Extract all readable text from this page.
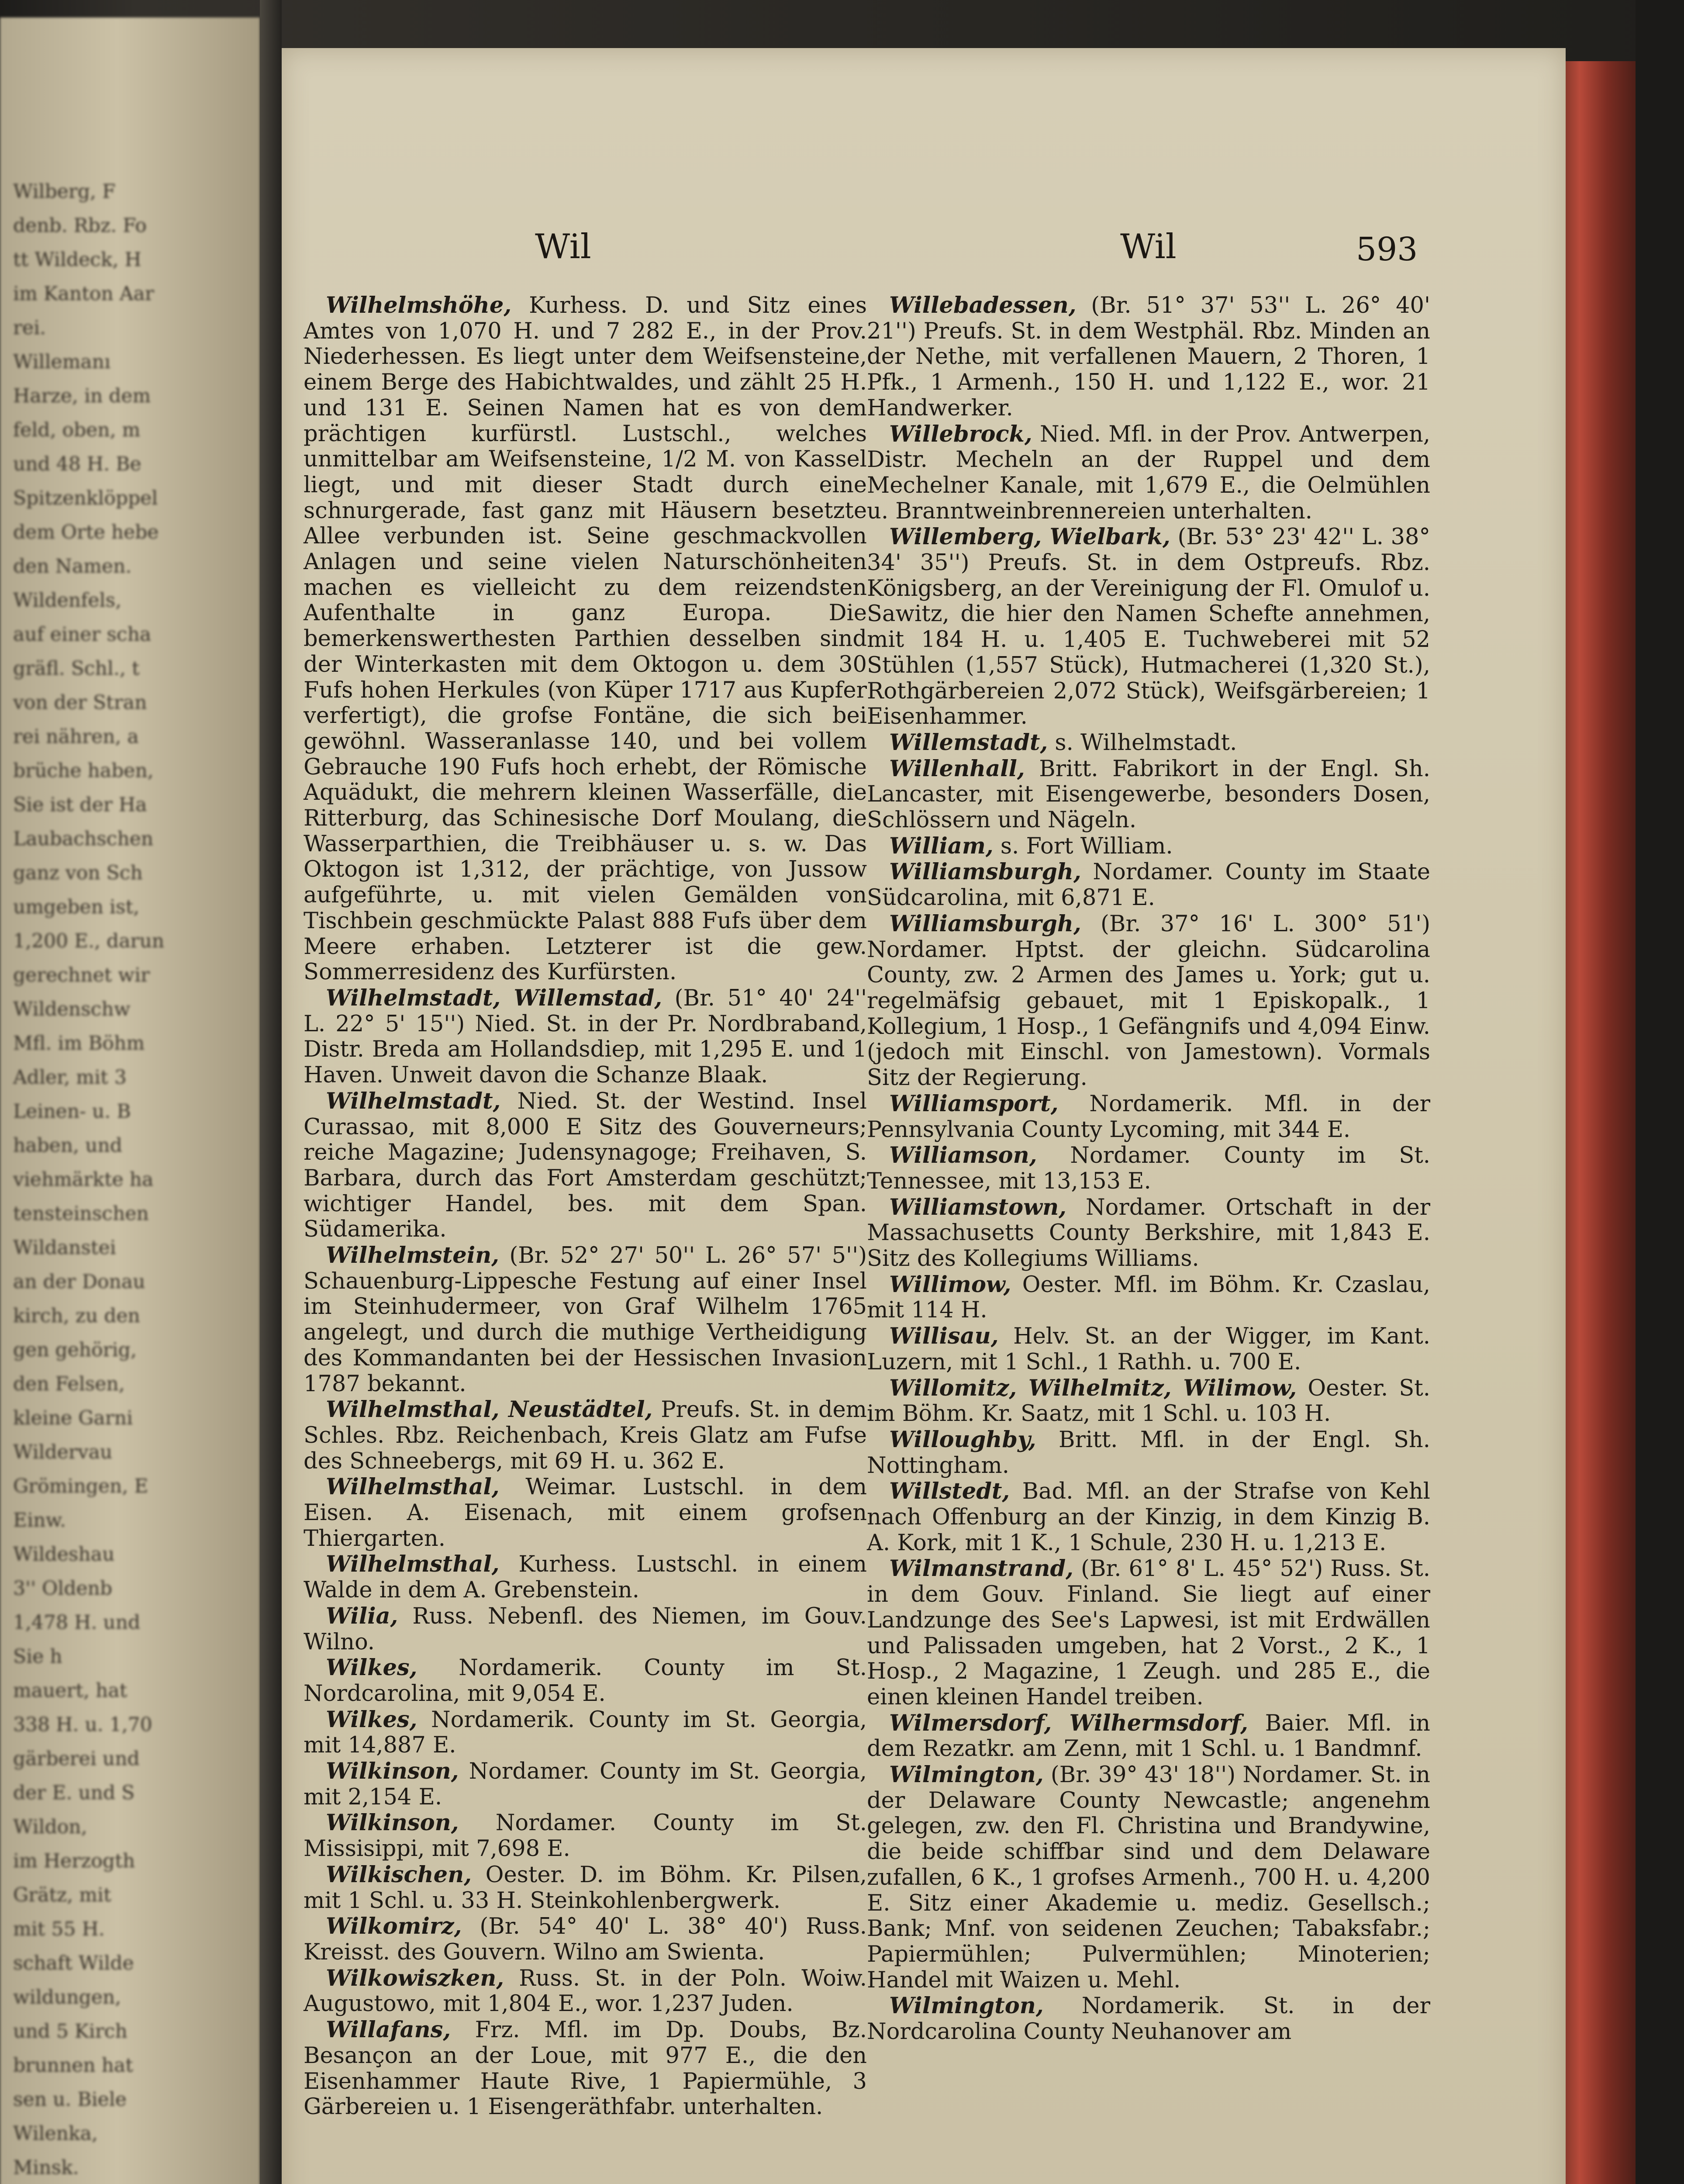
Wilberg, F
denb. Rbz. Fo
tt Wildeck, H
im Kanton Aar
rei.
Willemanı
Harze, in dem
feld, oben, m
und 48 H. Be
Spitzenklöppel
dem Orte hebe
den Namen.
Wildenfels,
auf einer scha
gräfl. Schl., t
von der Stran
rei nähren, a
brüche haben,
Sie ist der Ha
Laubachschen
ganz von Sch
umgeben ist,
1,200 E., darun
gerechnet wir
Wildenschw
Mfl. im Böhm
Adler, mit 3
Leinen- u. B
haben, und
viehmärkte ha
tensteinschen
Wildanstei
an der Donau
kirch, zu den
gen gehörig,
den Felsen,
kleine Garni
Wildervau
Grömingen, E
Einw.
Wildeshau
3'' Oldenb
1,478 H. und
Sie h
mauert, hat
338 H. u. 1,70
gärberei und
der E. und S
Wildon,
im Herzogth
Grätz, mit
mit 55 H.
schaft Wilde
wildungen,
und 5 Kirch
brunnen hat
sen u. Biele
Wilenka,
Minsk.
Wil	Wil	593

 Wilhelmshöhe, Kurhess. D. und Sitz eines Amtes von 1,070 H. und 7 282 E., in der Prov. Niederhessen. Es liegt unter dem Weifsensteine, einem Berge des Habichtwaldes, und zählt 25 H. und 131 E. Seinen Namen hat es von dem prächtigen kurfürstl. Lustschl., welches unmittelbar am Weifsensteine, 1/2 M. von Kassel liegt, und mit dieser Stadt durch eine schnurgerade, fast ganz mit Häusern besetzte Allee verbunden ist. Seine geschmackvollen Anlagen und seine vielen Naturschönheiten machen es vielleicht zu dem reizendsten Aufenthalte in ganz Europa. Die bemerkenswerthesten Parthien desselben sind der Winterkasten mit dem Oktogon u. dem 30 Fufs hohen Herkules (von Küper 1717 aus Kupfer verfertigt), die grofse Fontäne, die sich bei gewöhnl. Wasseranlasse 140, und bei vollem Gebrauche 190 Fufs hoch erhebt, der Römische Aquädukt, die mehrern kleinen Wasserfälle, die Ritterburg, das Schinesische Dorf Moulang, die Wasserparthien, die Treibhäuser u. s. w. Das Oktogon ist 1,312, der prächtige, von Jussow aufgeführte, u. mit vielen Gemälden von Tischbein geschmückte Palast 888 Fufs über dem Meere erhaben. Letzterer ist die gew. Sommerresidenz des Kurfürsten.

 Wilhelmstadt, Willemstad, (Br. 51° 40' 24'' L. 22° 5' 15'') Nied. St. in der Pr. Nordbraband, Distr. Breda am Hollandsdiep, mit 1,295 E. und 1 Haven. Unweit davon die Schanze Blaak.

 Wilhelmstadt, Nied. St. der Westind. Insel Curassao, mit 8,000 E Sitz des Gouverneurs; reiche Magazine; Judensynagoge; Freihaven, S. Barbara, durch das Fort Amsterdam geschützt; wichtiger Handel, bes. mit dem Span. Südamerika.

 Wilhelmstein, (Br. 52° 27' 50'' L. 26° 57' 5'') Schauenburg-Lippesche Festung auf einer Insel im Steinhudermeer, von Graf Wilhelm 1765 angelegt, und durch die muthige Vertheidigung des Kommandanten bei der Hessischen Invasion 1787 bekannt.

 Wilhelmsthal, Neustädtel, Preufs. St. in dem Schles. Rbz. Reichenbach, Kreis Glatz am Fufse des Schneebergs, mit 69 H. u. 362 E.

 Wilhelmsthal, Weimar. Lustschl. in dem Eisen. A. Eisenach, mit einem grofsen Thiergarten.

 Wilhelmsthal, Kurhess. Lustschl. in einem Walde in dem A. Grebenstein.

 Wilia, Russ. Nebenfl. des Niemen, im Gouv. Wilno.

 Wilkes, Nordamerik. County im St. Nordcarolina, mit 9,054 E.

 Wilkes, Nordamerik. County im St. Georgia, mit 14,887 E.

 Wilkinson, Nordamer. County im St. Georgia, mit 2,154 E.

 Wilkinson, Nordamer. County im St. Missisippi, mit 7,698 E.

 Wilkischen, Oester. D. im Böhm. Kr. Pilsen, mit 1 Schl. u. 33 H. Steinkohlenbergwerk.

 Wilkomirz, (Br. 54° 40' L. 38° 40') Russ. Kreisst. des Gouvern. Wilno am Swienta.

 Wilkowiszken, Russ. St. in der Poln. Woiw. Augustowo, mit 1,804 E., wor. 1,237 Juden.

 Willafans, Frz. Mfl. im Dp. Doubs, Bz. Besançon an der Loue, mit 977 E., die den Eisenhammer Haute Rive, 1 Papiermühle, 3 Gärbereien u. 1 Eisengeräthfabr. unterhalten.

 Willebadessen, (Br. 51° 37' 53'' L. 26° 40' 21'') Preufs. St. in dem Westphäl. Rbz. Minden an der Nethe, mit verfallenen Mauern, 2 Thoren, 1 Pfk., 1 Armenh., 150 H. und 1,122 E., wor. 21 Handwerker.

 Willebrock, Nied. Mfl. in der Prov. Antwerpen, Distr. Mecheln an der Ruppel und dem Mechelner Kanale, mit 1,679 E., die Oelmühlen u. Branntweinbrennereien unterhalten.

 Willemberg, Wielbark, (Br. 53° 23' 42'' L. 38° 34' 35'') Preufs. St. in dem Ostpreufs. Rbz. Königsberg, an der Vereinigung der Fl. Omulof u. Sawitz, die hier den Namen Schefte annehmen, mit 184 H. u. 1,405 E. Tuchweberei mit 52 Stühlen (1,557 Stück), Hutmacherei (1,320 St.), Rothgärbereien 2,072 Stück), Weifsgärbereien; 1 Eisenhammer.

 Willemstadt, s. Wilhelmstadt.

 Willenhall, Britt. Fabrikort in der Engl. Sh. Lancaster, mit Eisengewerbe, besonders Dosen, Schlössern und Nägeln.

 William, s. Fort William.

 Williamsburgh, Nordamer. County im Staate Südcarolina, mit 6,871 E.

 Williamsburgh, (Br. 37° 16' L. 300° 51') Nordamer. Hptst. der gleichn. Südcarolina County, zw. 2 Armen des James u. York; gut u. regelmäfsig gebauet, mit 1 Episkopalk., 1 Kollegium, 1 Hosp., 1 Gefängnifs und 4,094 Einw. (jedoch mit Einschl. von Jamestown). Vormals Sitz der Regierung.

 Williamsport, Nordamerik. Mfl. in der Pennsylvania County Lycoming, mit 344 E.

 Williamson, Nordamer. County im St. Tennessee, mit 13,153 E.

 Williamstown, Nordamer. Ortschaft in der Massachusetts County Berkshire, mit 1,843 E. Sitz des Kollegiums Williams.

 Willimow, Oester. Mfl. im Böhm. Kr. Czaslau, mit 114 H.

 Willisau, Helv. St. an der Wigger, im Kant. Luzern, mit 1 Schl., 1 Rathh. u. 700 E.

 Willomitz, Wilhelmitz, Wilimow, Oester. St. im Böhm. Kr. Saatz, mit 1 Schl. u. 103 H.

 Willoughby, Britt. Mfl. in der Engl. Sh. Nottingham.

 Willstedt, Bad. Mfl. an der Strafse von Kehl nach Offenburg an der Kinzig, in dem Kinzig B. A. Kork, mit 1 K., 1 Schule, 230 H. u. 1,213 E.

 Wilmanstrand, (Br. 61° 8' L. 45° 52') Russ. St. in dem Gouv. Finland. Sie liegt auf einer Landzunge des See's Lapwesi, ist mit Erdwällen und Palissaden umgeben, hat 2 Vorst., 2 K., 1 Hosp., 2 Magazine, 1 Zeugh. und 285 E., die einen kleinen Handel treiben.

 Wilmersdorf, Wilhermsdorf, Baier. Mfl. in dem Rezatkr. am Zenn, mit 1 Schl. u. 1 Bandmnf.

 Wilmington, (Br. 39° 43' 18'') Nordamer. St. in der Delaware County Newcastle; angenehm gelegen, zw. den Fl. Christina und Brandywine, die beide schiffbar sind und dem Delaware zufallen, 6 K., 1 grofses Armenh., 700 H. u. 4,200 E. Sitz einer Akademie u. mediz. Gesellsch.; Bank; Mnf. von seidenen Zeuchen; Tabaksfabr.; Papiermühlen; Pulvermühlen; Minoterien; Handel mit Waizen u. Mehl.

 Wilmington, Nordamerik. St. in der Nordcarolina County Neuhanover am
